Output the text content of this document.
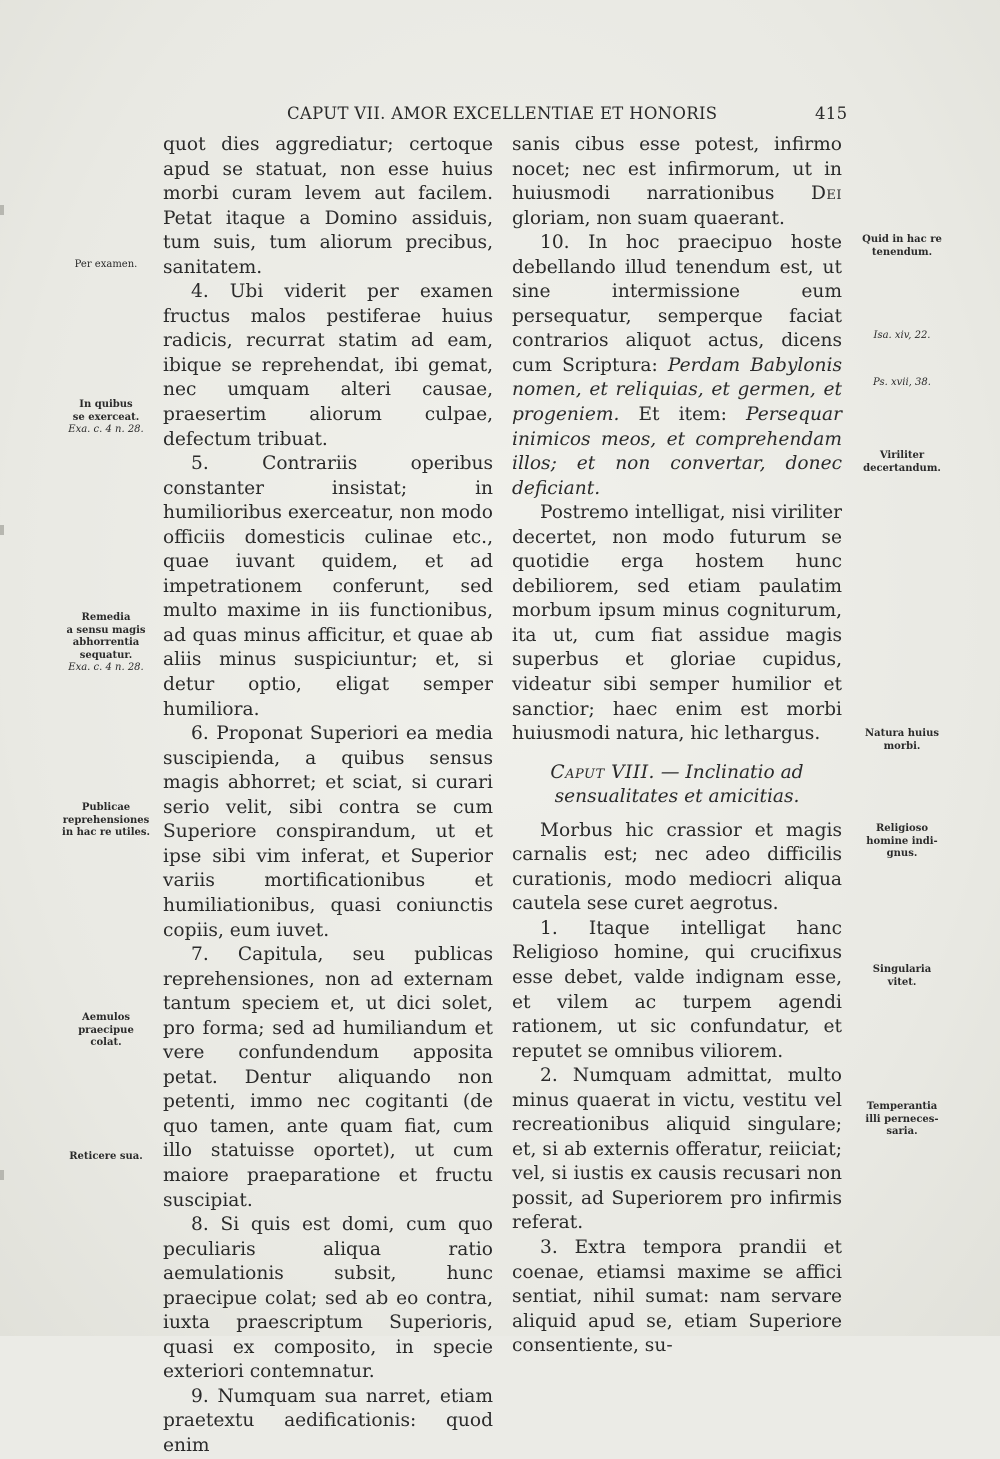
CAPUT VII. AMOR EXCELLENTIAE ET HONORIS	415
Per examen.
In quibus
se exerceat.
Exa. c. 4 n. 28.
Remedia
a sensu magis
abhorrentia
sequatur.
Exa. c. 4 n. 28.
Publicae
reprehensiones
in hac re utiles.
Aemulos
praecipue
colat.
Reticere sua.
Quid in hac re
tenendum.
Isa. xiv, 22.
Ps. xvii, 38.
Viriliter
decertandum.
Natura huius
morbi.
Religioso
homine indi-
gnus.
Singularia
vitet.
Temperantia
illi perneces-
saria.

quot dies aggrediatur; certoque apud se statuat, non esse huius morbi curam levem aut facilem. Petat itaque a Domino assiduis, tum suis, tum aliorum precibus, sanitatem.

4. Ubi viderit per examen fructus malos pestiferae huius radicis, recurrat statim ad eam, ibique se reprehendat, ibi gemat, nec umquam alteri causae, praesertim aliorum culpae, defectum tribuat.

5. Contrariis operibus constanter insistat; in humilioribus exerceatur, non modo officiis domesticis culinae etc., quae iuvant quidem, et ad impetrationem conferunt, sed multo maxime in iis functionibus, ad quas minus afficitur, et quae ab aliis minus suspiciuntur; et, si detur optio, eligat semper humiliora.

6. Proponat Superiori ea media suscipienda, a quibus sensus magis abhorret; et sciat, si curari serio velit, sibi contra se cum Superiore conspirandum, ut et ipse sibi vim inferat, et Superior variis mortificationibus et humiliationibus, quasi coniunctis copiis, eum iuvet.

7. Capitula, seu publicas reprehensiones, non ad externam tantum speciem et, ut dici solet, pro forma; sed ad humiliandum et vere confundendum apposita petat. Dentur aliquando non petenti, immo nec cogitanti (de quo tamen, ante quam fiat, cum illo statuisse oportet), ut cum maiore praeparatione et fructu suscipiat.

8. Si quis est domi, cum quo peculiaris aliqua ratio aemulationis subsit, hunc praecipue colat; sed ab eo contra, iuxta praescriptum Superioris, quasi ex composito, in specie exteriori contemnatur.

9. Numquam sua narret, etiam praetextu aedificationis: quod enim

sanis cibus esse potest, infirmo nocet; nec est infirmorum, ut in huiusmodi narrationibus Dei gloriam, non suam quaerant.

10. In hoc praecipuo hoste debellando illud tenendum est, ut sine intermissione eum persequatur, semperque faciat contrarios aliquot actus, dicens cum Scriptura: Perdam Babylonis nomen, et reliquias, et germen, et progeniem. Et item: Persequar inimicos meos, et comprehendam illos; et non convertar, donec deficiant.

Postremo intelligat, nisi viriliter decertet, non modo futurum se quotidie erga hostem hunc debiliorem, sed etiam paulatim morbum ipsum minus cogniturum, ita ut, cum fiat assidue magis superbus et gloriae cupidus, videatur sibi semper humilior et sanctior; haec enim est morbi huiusmodi natura, hic lethargus.

Caput VIII. — Inclinatio ad sensualitates et amicitias.

Morbus hic crassior et magis carnalis est; nec adeo difficilis curationis, modo mediocri aliqua cautela sese curet aegrotus.

1. Itaque intelligat hanc Religioso homine, qui crucifixus esse debet, valde indignam esse, et vilem ac turpem agendi rationem, ut sic confundatur, et reputet se omnibus viliorem.

2. Numquam admittat, multo minus quaerat in victu, vestitu vel recreationibus aliquid singulare; et, si ab externis offeratur, reiiciat; vel, si iustis ex causis recusari non possit, ad Superiorem pro infirmis referat.

3. Extra tempora prandii et coenae, etiamsi maxime se affici sentiat, nihil sumat: nam servare aliquid apud se, etiam Superiore consentiente, su-
